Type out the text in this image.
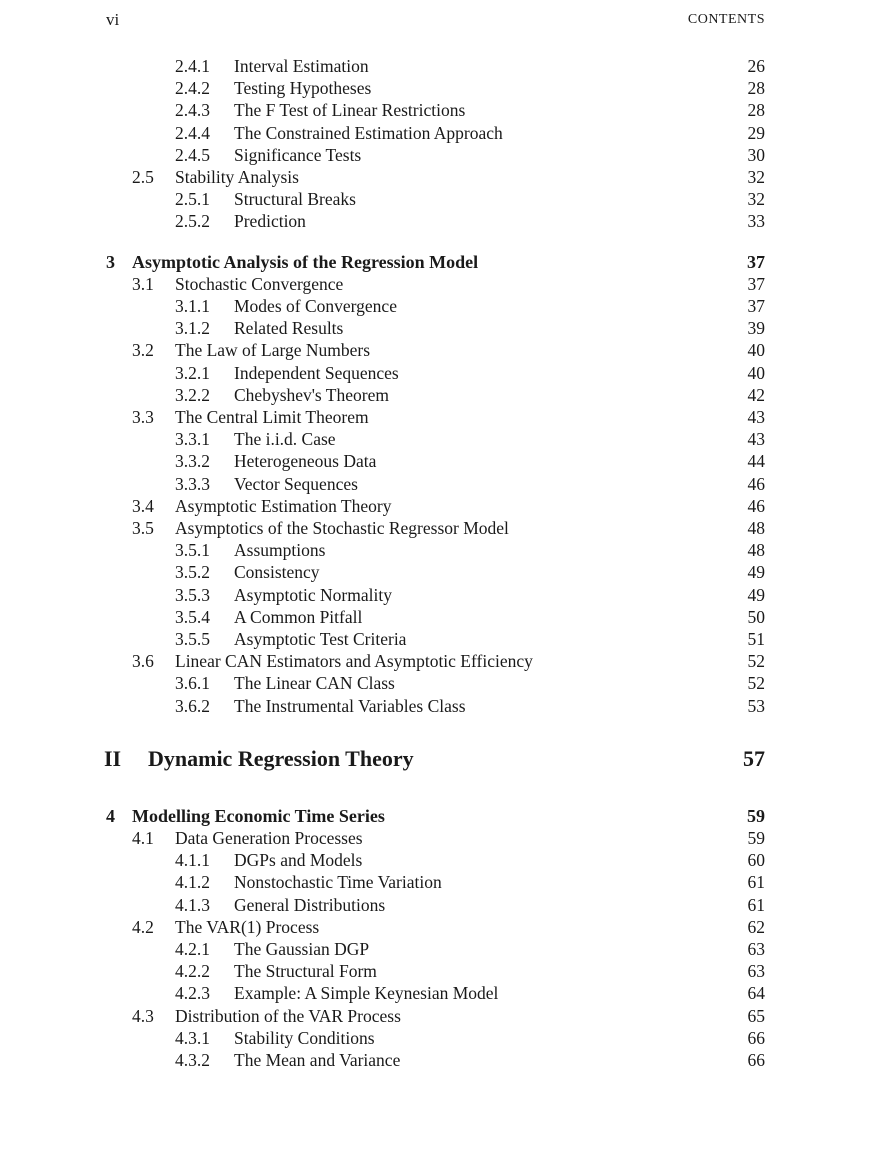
vi	CONTENTS
2.4.1 Interval Estimation	26
2.4.2 Testing Hypotheses	28
2.4.3 The F Test of Linear Restrictions	28
2.4.4 The Constrained Estimation Approach	29
2.4.5 Significance Tests	30
2.5 Stability Analysis	32
2.5.1 Structural Breaks	32
2.5.2 Prediction	33
3 Asymptotic Analysis of the Regression Model	37
3.1 Stochastic Convergence	37
3.1.1 Modes of Convergence	37
3.1.2 Related Results	39
3.2 The Law of Large Numbers	40
3.2.1 Independent Sequences	40
3.2.2 Chebyshev's Theorem	42
3.3 The Central Limit Theorem	43
3.3.1 The i.i.d. Case	43
3.3.2 Heterogeneous Data	44
3.3.3 Vector Sequences	46
3.4 Asymptotic Estimation Theory	46
3.5 Asymptotics of the Stochastic Regressor Model	48
3.5.1 Assumptions	48
3.5.2 Consistency	49
3.5.3 Asymptotic Normality	49
3.5.4 A Common Pitfall	50
3.5.5 Asymptotic Test Criteria	51
3.6 Linear CAN Estimators and Asymptotic Efficiency	52
3.6.1 The Linear CAN Class	52
3.6.2 The Instrumental Variables Class	53
II Dynamic Regression Theory	57
4 Modelling Economic Time Series	59
4.1 Data Generation Processes	59
4.1.1 DGPs and Models	60
4.1.2 Nonstochastic Time Variation	61
4.1.3 General Distributions	61
4.2 The VAR(1) Process	62
4.2.1 The Gaussian DGP	63
4.2.2 The Structural Form	63
4.2.3 Example: A Simple Keynesian Model	64
4.3 Distribution of the VAR Process	65
4.3.1 Stability Conditions	66
4.3.2 The Mean and Variance	66
